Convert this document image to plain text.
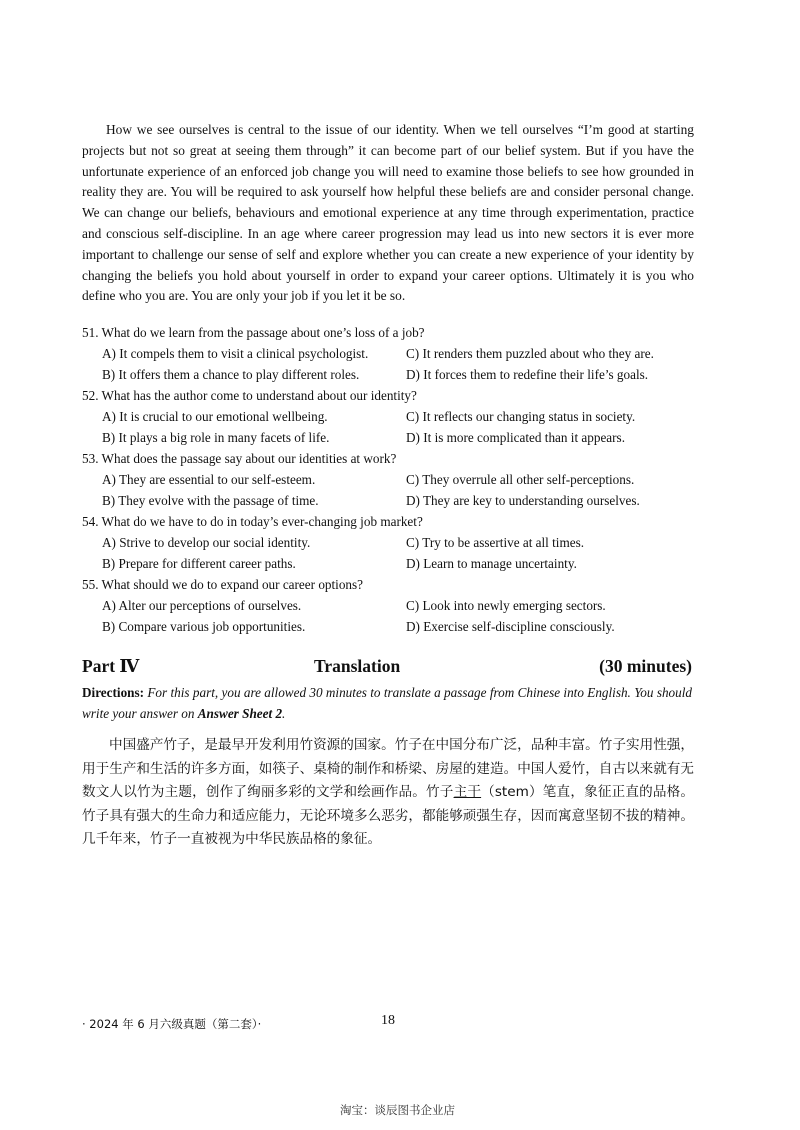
How we see ourselves is central to the issue of our identity. When we tell ourselves “I’m good at starting projects but not so great at seeing them through” it can become part of our belief system. But if you have the unfortunate experience of an enforced job change you will need to examine those beliefs to see how grounded in reality they are. You will be required to ask yourself how helpful these beliefs are and consider personal change. We can change our beliefs, behaviours and emotional experience at any time through experimentation, practice and conscious self-discipline. In an age where career progression may lead us into new sectors it is ever more important to challenge our sense of self and explore whether you can create a new experience of your identity by changing the beliefs you hold about yourself in order to expand your career options. Ultimately it is you who define who you are. You are only your job if you let it be so.

51. What do we learn from the passage about one’s loss of a job?
A) It compels them to visit a clinical psychologist.	C) It renders them puzzled about who they are.
B) It offers them a chance to play different roles.	D) It forces them to redefine their life’s goals.
52. What has the author come to understand about our identity?
A) It is crucial to our emotional wellbeing.	C) It reflects our changing status in society.
B) It plays a big role in many facets of life.	D) It is more complicated than it appears.
53. What does the passage say about our identities at work?
A) They are essential to our self-esteem.	C) They overrule all other self-perceptions.
B) They evolve with the passage of time.	D) They are key to understanding ourselves.
54. What do we have to do in today’s ever-changing job market?
A) Strive to develop our social identity.	C) Try to be assertive at all times.
B) Prepare for different career paths.	D) Learn to manage uncertainty.
55. What should we do to expand our career options?
A) Alter our perceptions of ourselves.	C) Look into newly emerging sectors.
B) Compare various job opportunities.	D) Exercise self-discipline consciously.
Part Ⅳ	Translation	(30 minutes)

Directions: For this part, you are allowed 30 minutes to translate a passage from Chinese into English. You should write your answer on Answer Sheet 2.

中国盛产竹子，是最早开发利用竹资源的国家。竹子在中国分布广泛，品种丰富。竹子实用性强，用于生产和生活的许多方面，如筷子、桌椅的制作和桥梁、房屋的建造。中国人爱竹，自古以来就有无数文人以竹为主题，创作了绚丽多彩的文学和绘画作品。竹子主干（stem）笔直，象征正直的品格。竹子具有强大的生命力和适应能力，无论环境多么恶劣，都能够顽强生存，因而寓意坚韧不拔的精神。几千年来，竹子一直被视为中华民族品格的象征。

· 2024 年 6 月六级真题（第二套）·	18
淘宝：谈辰图书企业店
